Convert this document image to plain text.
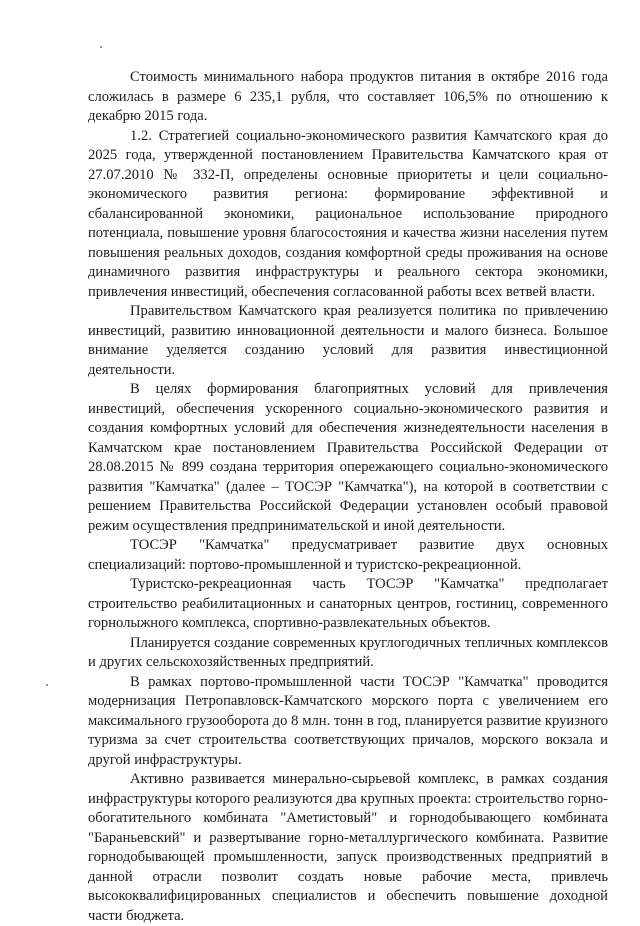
Стоимость минимального набора продуктов питания в октябре 2016 года сложилась в размере 6 235,1 рубля, что составляет 106,5% по отношению к декабрю 2015 года.

1.2. Стратегией социально-экономического развития Камчатского края до 2025 года, утвержденной постановлением Правительства Камчатского края от 27.07.2010 № 332-П, определены основные приоритеты и цели социально-экономического развития региона: формирование эффективной и сбалансированной экономики, рациональное использование природного потенциала, повышение уровня благосостояния и качества жизни населения путем повышения реальных доходов, создания комфортной среды проживания на основе динамичного развития инфраструктуры и реального сектора экономики, привлечения инвестиций, обеспечения согласованной работы всех ветвей власти.

Правительством Камчатского края реализуется политика по привлечению инвестиций, развитию инновационной деятельности и малого бизнеса. Большое внимание уделяется созданию условий для развития инвестиционной деятельности.

В целях формирования благоприятных условий для привлечения инвестиций, обеспечения ускоренного социально-экономического развития и создания комфортных условий для обеспечения жизнедеятельности населения в Камчатском крае постановлением Правительства Российской Федерации от 28.08.2015 № 899 создана территория опережающего социально-экономического развития "Камчатка" (далее – ТОСЭР "Камчатка"), на которой в соответствии с решением Правительства Российской Федерации установлен особый правовой режим осуществления предпринимательской и иной деятельности.

ТОСЭР "Камчатка" предусматривает развитие двух основных специализаций: портово-промышленной и туристско-рекреационной.

Туристско-рекреационная часть ТОСЭР "Камчатка" предполагает строительство реабилитационных и санаторных центров, гостиниц, современного горнолыжного комплекса, спортивно-развлекательных объектов.

Планируется создание современных круглогодичных тепличных комплексов и других сельскохозяйственных предприятий.

В рамках портово-промышленной части ТОСЭР "Камчатка" проводится модернизация Петропавловск-Камчатского морского порта с увеличением его максимального грузооборота до 8 млн. тонн в год, планируется развитие круизного туризма за счет строительства соответствующих причалов, морского вокзала и другой инфраструктуры.

Активно развивается минерально-сырьевой комплекс, в рамках создания инфраструктуры которого реализуются два крупных проекта: строительство горно-обогатительного комбината "Аметистовый" и горнодобывающего комбината "Бараньевский" и развертывание горно-металлургического комбината. Развитие горнодобывающей промышленности, запуск производственных предприятий в данной отрасли позволит создать новые рабочие места, привлечь высококвалифицированных специалистов и обеспечить повышение доходной части бюджета.
